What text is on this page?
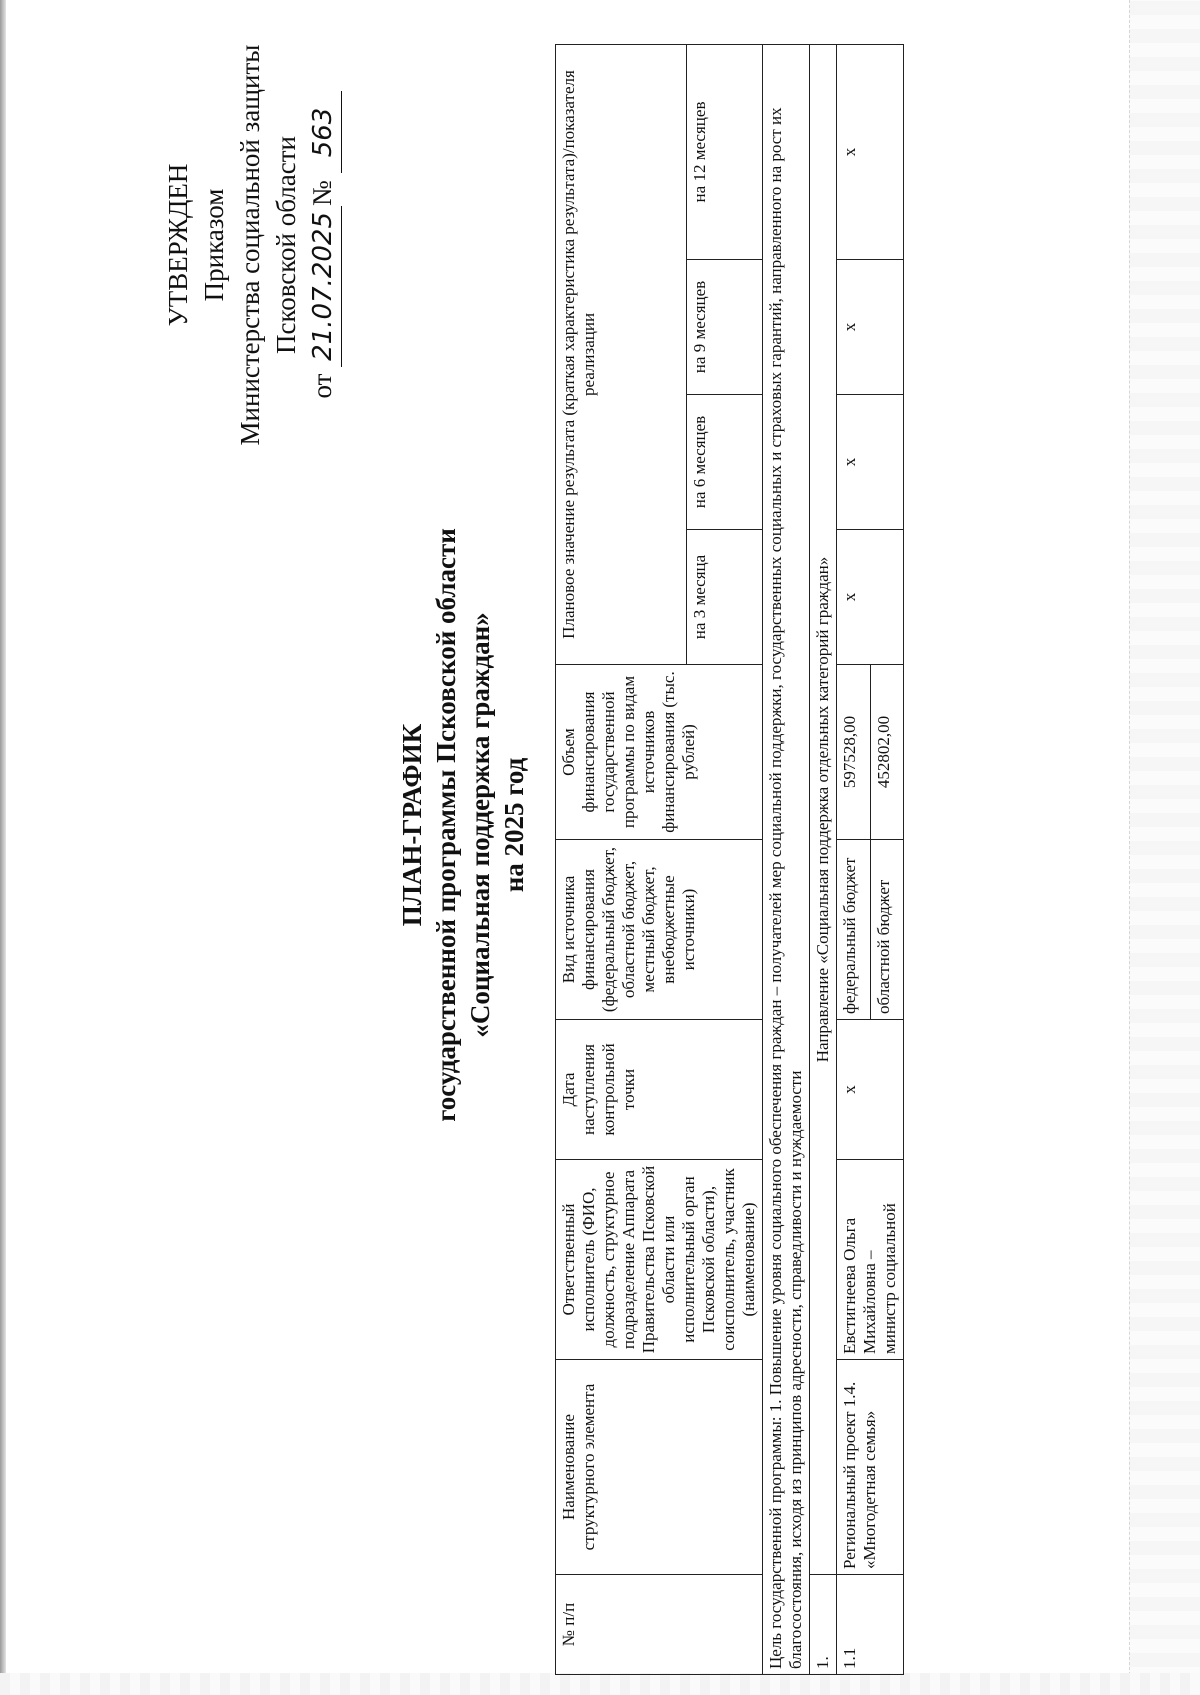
УТВЕРЖДЕН Приказом Министерства социальной защиты Псковской области
от 21.07.2025№ 563
ПЛАН-ГРАФИК государственной программы Псковской области «Социальная поддержка граждан» на 2025 год
№ п/п	Наименование структурного элемента	Ответственный исполнитель (ФИО, должность, структурное подразделение Аппарата Правительства Псковской области или исполнительный орган Псковской области), соисполнитель, участник (наименование)	Дата наступления контрольной точки	Вид источника финансирования (федеральный бюджет, областной бюджет, местный бюджет, внебюджетные источники)	Объем финансирования государственной программы по видам источников финансирования (тыс. рублей)	Плановое значение результата (краткая характеристика результата)/показателя реализации			
						на 3 месяца	на 6 месяцев	на 9 месяцев	на 12 месяцев
Цель государственной программы: 1. Повышение уровня социального обеспечения граждан – получателей мер социальной поддержки, государственных социальных и страховых гарантий, направленного на рост их благосостояния, исходя из принципов адресности, справедливости и нуждаемости									
1.	Направление «Социальная поддержка отдельных категорий граждан»								
1.1	Региональный проект 1.4. «Многодетная семья»	Евстигнеева Ольга Михайловна – министр социальной	х	федеральный бюджет	597528,00	х	х	х	х
				областной бюджет	452802,00				
